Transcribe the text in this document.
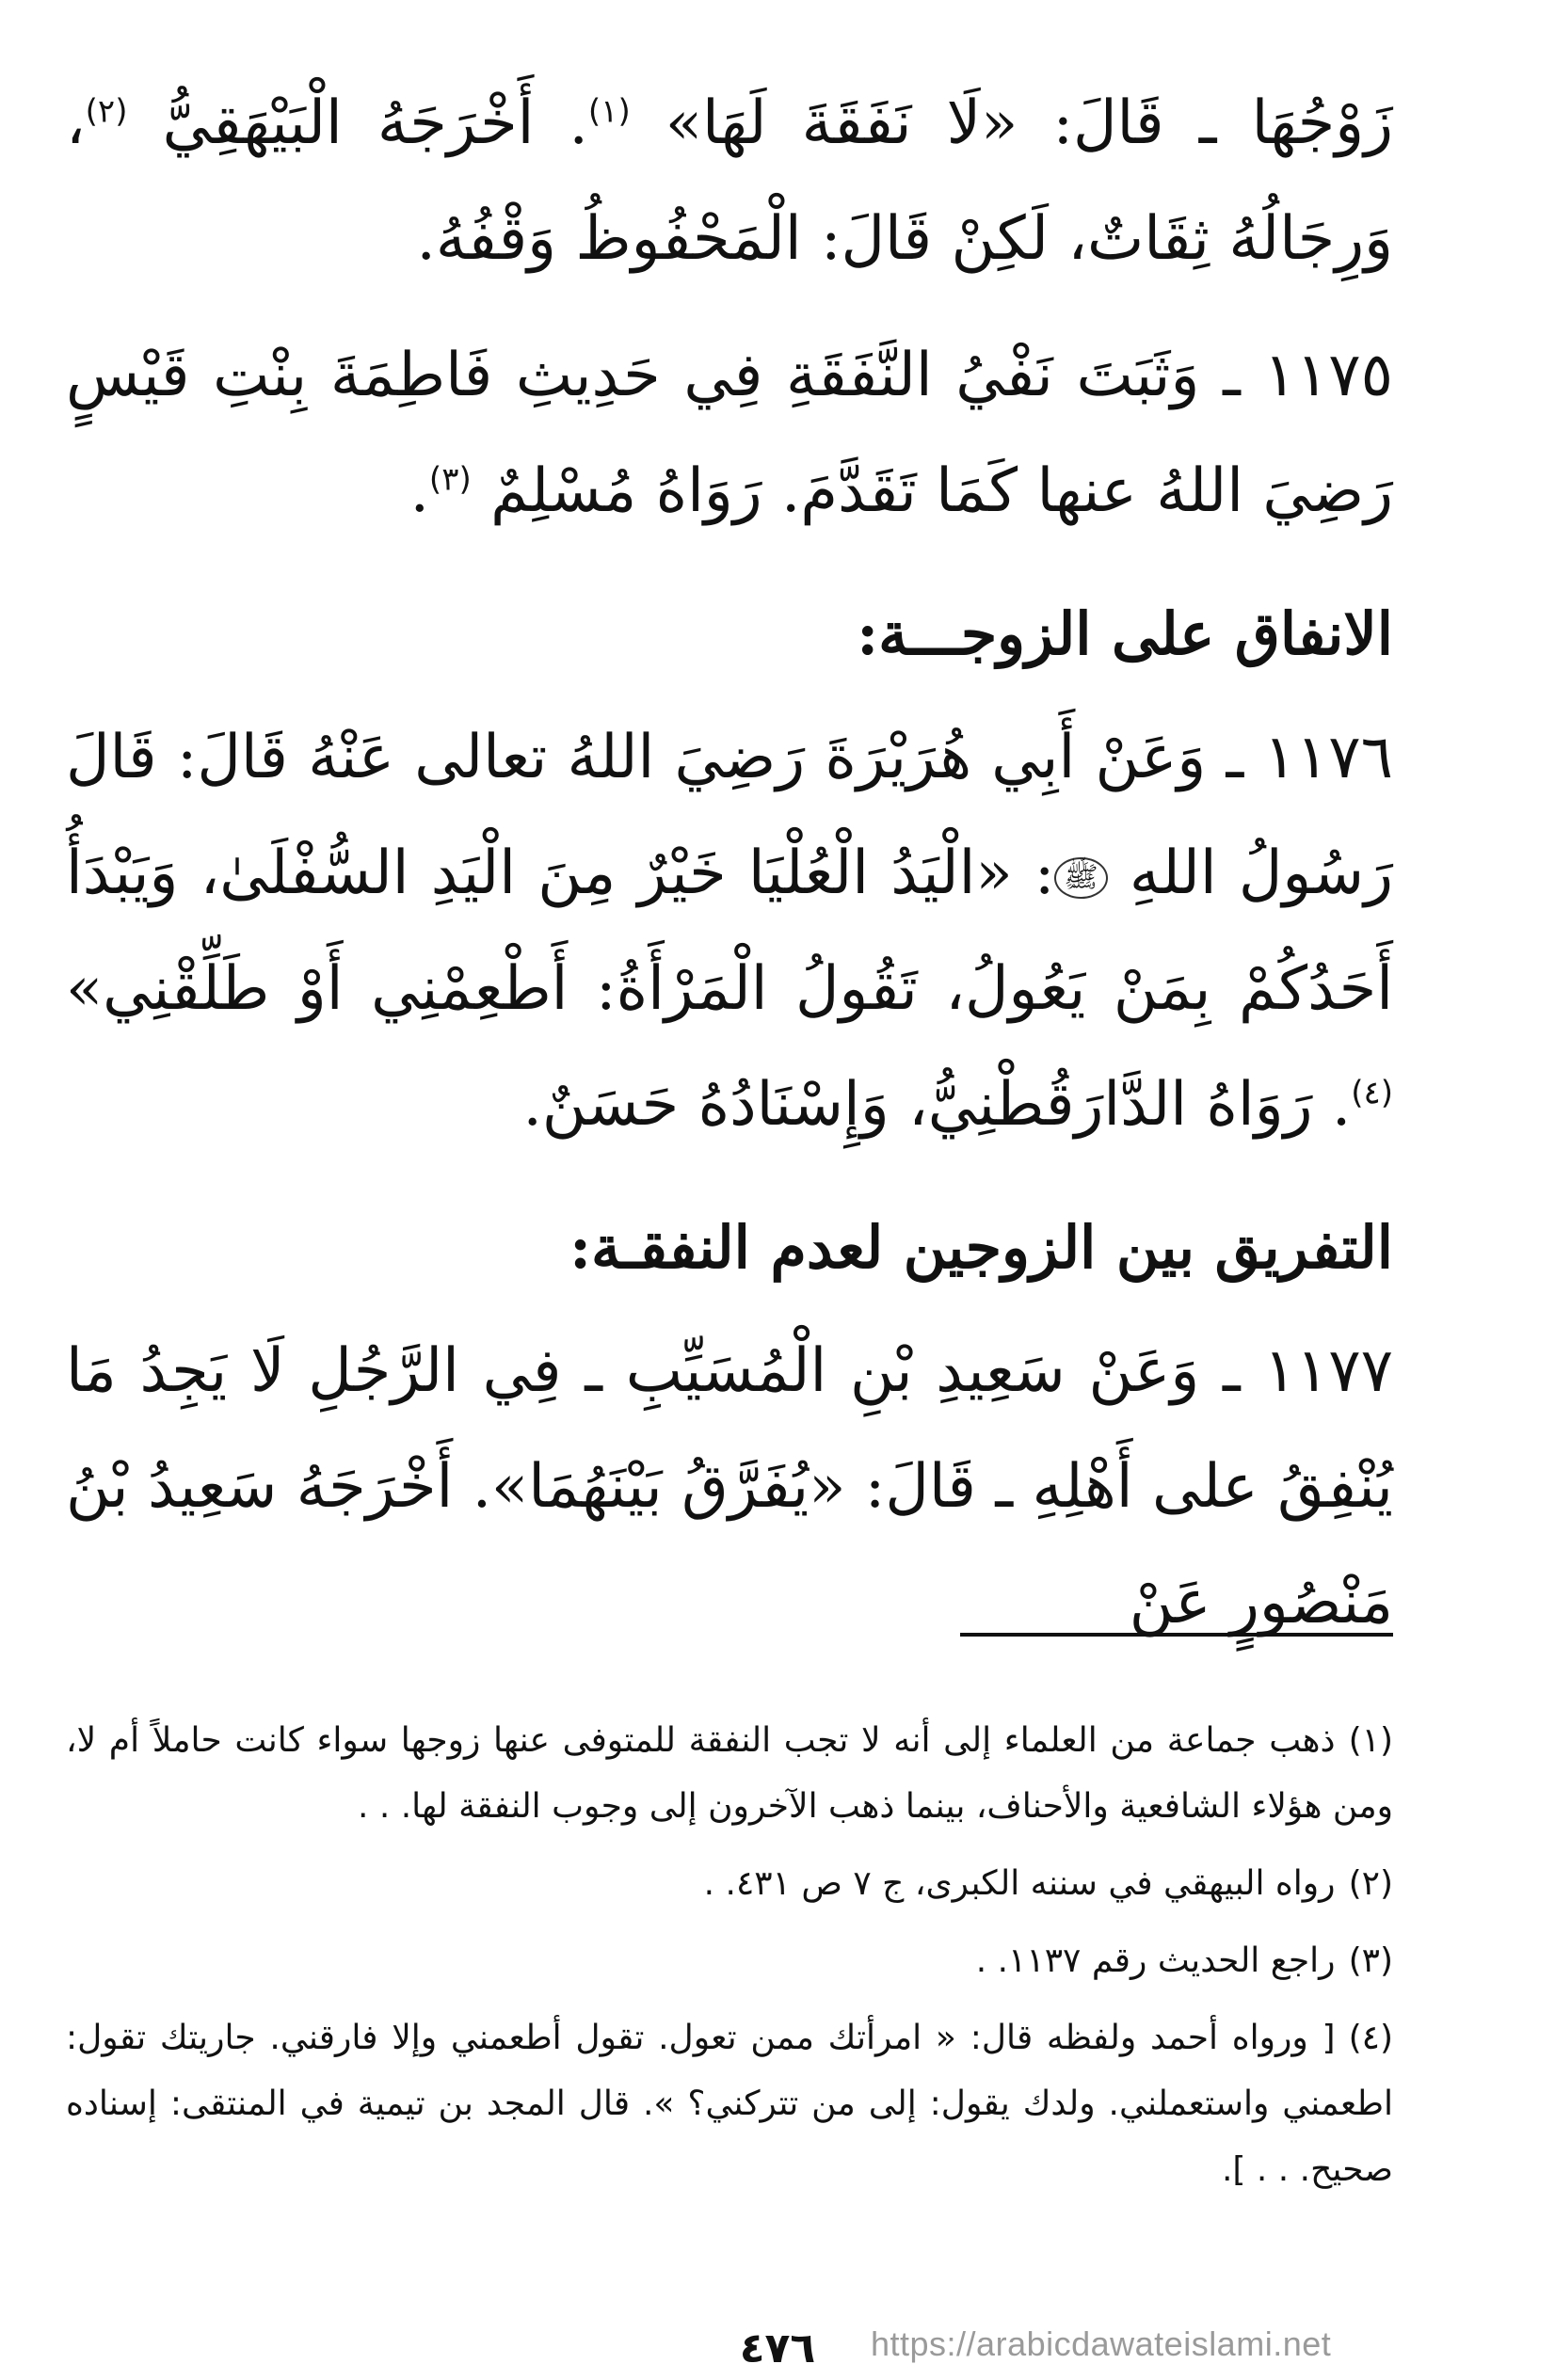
زَوْجُهَا ـ قَالَ: «لَا نَفَقَةَ لَهَا» $^{(١)}$. أَخْرَجَهُ الْبَيْهَقِيُّ $^{(٢)}$، وَرِجَالُهُ ثِقَاتٌ، لَكِنْ قَالَ: الْمَحْفُوظُ وَقْفُهُ.

١١٧٥ ـ وَثَبَتَ نَفْيُ النَّفَقَةِ فِي حَدِيثِ فَاطِمَةَ بِنْتِ قَيْسٍ رَضِيَ اللهُ عنها كَمَا تَقَدَّمَ. رَوَاهُ مُسْلِمٌ $^{(٣)}$.

الانفاق على الزوجـــة:

١١٧٦ ـ وَعَنْ أَبِي هُرَيْرَةَ رَضِيَ اللهُ تعالى عَنْهُ قَالَ: قَالَ رَسُولُ اللهِ ﷺ: «الْيَدُ الْعُلْيَا خَيْرٌ مِنَ الْيَدِ السُّفْلَىٰ، وَيَبْدَأُ أَحَدُكُمْ بِمَنْ يَعُولُ، تَقُولُ الْمَرْأَةُ: أَطْعِمْنِي أَوْ طَلِّقْنِي» $^{(٤)}$. رَوَاهُ الدَّارَقُطْنِيُّ، وَإِسْنَادُهُ حَسَنٌ.

التفريق بين الزوجين لعدم النفقـة:

١١٧٧ ـ وَعَنْ سَعِيدِ بْنِ الْمُسَيِّبِ ـ فِي الرَّجُلِ لَا يَجِدُ مَا يُنْفِقُ على أَهْلِهِ ـ قَالَ: «يُفَرَّقُ بَيْنَهُمَا». أَخْرَجَهُ سَعِيدُ بْنُ مَنْصُورٍ عَنْ

(١)ذهب جماعة من العلماء إلى أنه لا تجب النفقة للمتوفى عنها زوجها سواء كانت حاملاً أم لا، ومن هؤلاء الشافعية والأحناف، بينما ذهب الآخرون إلى وجوب النفقة لها. . .

(٢)رواه البيهقي في سننه الكبرى، ج ٧ ص ٤٣١. .

(٣)راجع الحديث رقم ١١٣٧. .

(٤)[ ورواه أحمد ولفظه قال: « امرأتك ممن تعول. تقول أطعمني وإلا فارقني. جاريتك تقول: اطعمني واستعملني. ولدك يقول: إلى من تتركني؟ ». قال المجد بن تيمية في المنتقى: إسناده صحيح. . . ].

٤٧٦	https://arabicdawateislami.net
